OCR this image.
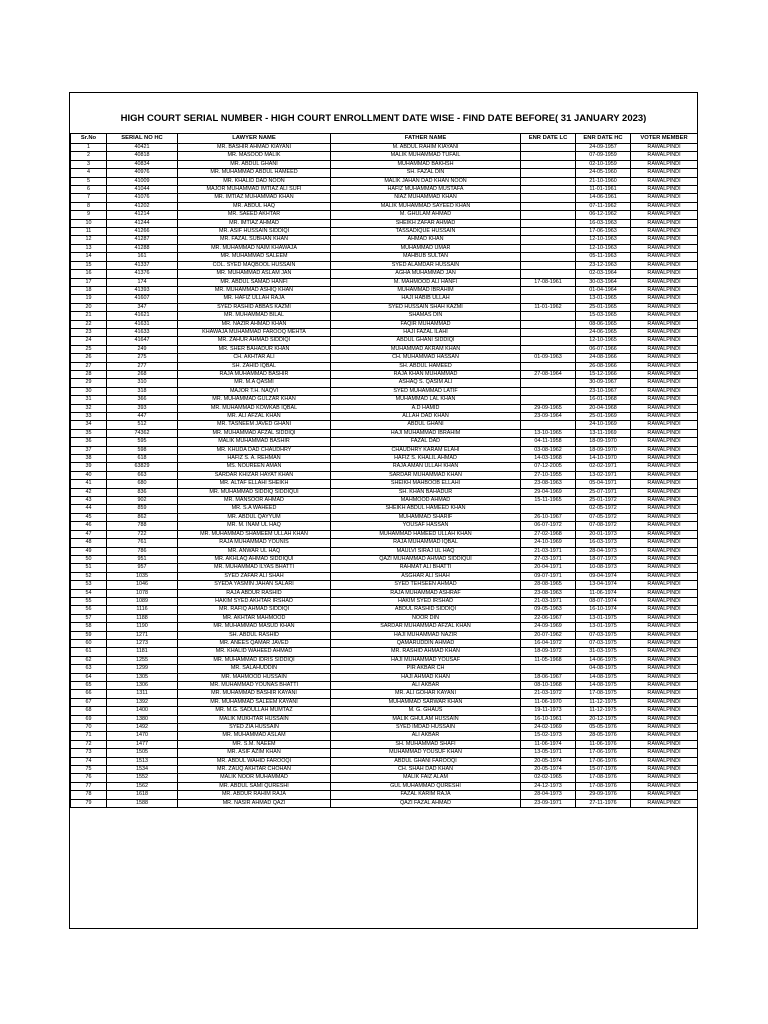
HIGH COURT SERIAL NUMBER - HIGH COURT ENROLLMENT DATE WISE - FIND DATE BEFORE( 31 JANUARY 2023)
Sr.No	SERIAL NO HC	LAWYER NAME	FATHER NAME	ENR DATE LC	ENR DATE HC	VOTER MEMBER
1	40421	MR. BASHIR AHMAD KIAYANI	M. ABDUL RAHIM KIAYANI		24-09-1957	RAWALPINDI
2	40818	MR. MASOOD MALIK	MALIK MUHAMMAD TUFAIL		07-09-1959	RAWALPINDI
3	40834	MR. ABDUL GHANI	MUHAMMAD BAKHSH		02-10-1959	RAWALPINDI
4	40976	MR. MUHAMMAD ABDUL HAMEED	SH. FAZAL DIN		24-05-1960	RAWALPINDI
5	41009	MR. KHALID DAD NOON	MALIK JAHAN DAD KHAN NOON		21-10-1960	RAWALPINDI
6	41044	MAJOR MUHAMMAD IMTIAZ ALI SUFI	HAFIZ MUHAMMAD MUSTAFA		11-01-1961	RAWALPINDI
7	41076	MR. IMTIAZ MUHAMMAD KHAN	NIAZ MUHAMMAD KHAN		14-06-1961	RAWALPINDI
8	41202	MR. ABDUL HAQ	MALIK MUHAMMAD SAYEED KHAN		07-11-1962	RAWALPINDI
9	41214	MR. SAEED AKHTAR	M. GHULAM AHMAD		06-12-1962	RAWALPINDI
10	41244	MR. IMTIAZ AHMAD	SHEIKH ZAFAR AHMAD		16-03-1963	RAWALPINDI
11	41266	MR. ASIF HUSSAIN SIDDIQI	TASSADIQUE HUSSAIN		17-06-1963	RAWALPINDI
12	41287	MR. FAZAL SUBHAN KHAN	AHMAD KHAN		12-10-1963	RAWALPINDI
13	41288	MR. MUHAMMAD NAIM KHAWAJA	MUHAMMAD UMAR		12-10-1963	RAWALPINDI
14	161	MR. MUHAMMAD SALEEM	MAHBUB SULTAN		05-11-1963	RAWALPINDI
15	41337	COL. SYED MAQBOOL HUSSAIN	SYED ALAMDAR HUSSAIN		23-12-1963	RAWALPINDI
16	41376	MR. MUHAMMAD ASLAM JAN	AGHA MUHAMMAD JAN		02-03-1964	RAWALPINDI
17	174	MR. ABDUL SAMAD HANFI	M. MAHMOOD ALI HANFI	17-08-1961	30-03-1964	RAWALPINDI
18	41393	MR. MUHAMMAD ASHIQ KHAN	MUHAMMAD IBRAHIM		01-04-1964	RAWALPINDI
19	41607	MR. HAFIZ ULLAH RAJA	HAJI HABIB ULLAH		13-01-1965	RAWALPINDI
20	347	SYED RASHID ABBAS KAZMI	SYED HUSSAIN SHAH KAZMI	11-01-1962	25-01-1965	RAWALPINDI
21	41621	MR. MUHAMMAD BILAL	SHAMAS DIN		15-03-1965	RAWALPINDI
22	41631	MR. NAZIR AHMAD KHAN	FAQIR MUHAMMAD		08-06-1965	RAWALPINDI
23	41633	KHAWAJA MUHAMMAD FAROOQ MEHTA	HAJI FAZAL ILAHI		24-06-1965	RAWALPINDI
24	41647	MR. ZAHUR AHMAD SIDDIQI	ABDUL GHANI SIDDIQI		12-10-1965	RAWALPINDI
25	249	MR. SHER BAHADUR KHAN	MUHAMMAD AKRAM KHAN		06-07-1966	RAWALPINDI
26	275	CH. AKHTAR ALI	CH. MUHAMMAD HASSAN	01-09-1963	24-08-1966	RAWALPINDI
27	277	SH. ZAHID IQBAL	SH. ABDUL HAMEED		26-08-1966	RAWALPINDI
28	268	RAJA MUHAMMAD BASHIR	RAJA KHAN MUHAMMAD	27-08-1964	15-12-1966	RAWALPINDI
29	310	MR. M.A QASMI	ASHAQ S. QASIM ALI		30-09-1967	RAWALPINDI
30	318	MAJOR T.H. NAQVI	SYED MUHAMMAD LATIF		23-10-1967	RAWALPINDI
31	366	MR. MUHAMMAD GULZAR KHAN	MUHAMMAD LAL KHAN		16-01-1968	RAWALPINDI
32	393	MR. MUHAMMAD KOWKAB IQBAL	A.D HAMID	29-09-1965	20-04-1968	RAWALPINDI
33	447	MR. ALI AFZAL KHAN	ALLAH DAD KHAN	23-09-1964	25-01-1969	RAWALPINDI
34	512	MR. TASNEEM JAVED GHANI	ABDUL GHANI		24-10-1969	RAWALPINDI
35	74362	MR. MUHAMMAD AFZAL SIDDIQI	HAJI MUHAMMAD IBRAHIM	13-10-1965	13-11-1969	RAWALPINDI
36	595	MALIK MUHAMMAD BASHIR	FAZAL DAD	04-11-1958	18-09-1970	RAWALPINDI
37	598	MR. KHUDA DAD CHAUDHRY	CHAUDHRY KARAM ELAHI	03-08-1962	18-09-1970	RAWALPINDI
38	618	HAFIZ S. A. REHMAN	HAFIZ S. KHALIL AHMAD	14-03-1968	14-10-1970	RAWALPINDI
39	63829	MS. NOUREEN AMAN	RAJA AMAN ULLAH KHAN	07-12-2005	02-02-1971	RAWALPINDI
40	663	SARDAR KHIZAR HAYAT KHAN	SARDAR MUHAMMAD KHAN	27-10-1955	13-02-1971	RAWALPINDI
41	680	MR. ALTAF ELLAHI SHEIKH	SHEIKH MAHBOOB ELLAHI	23-08-1963	05-04-1971	RAWALPINDI
42	836	MR. MUHAMMAD SIDDIQ SIDDIQUI	SH. KHAN BAHADUR	29-04-1969	25-07-1971	RAWALPINDI
43	902	MR. MANSOOR AHMAD	MAHMOOD AHMAD	15-11-1965	25-01-1972	RAWALPINDI
44	859	MR. S.A WAHEED	SHEIKH ABDUL HAMEED KHAN		02-05-1972	RAWALPINDI
45	862	MR. ABDUL QAYYUM	MUHAMMAD SHARIF	26-10-1967	07-05-1972	RAWALPINDI
46	788	MR. M. INAM UL HAQ	YOUSAF HASSAN	06-07-1972	07-08-1972	RAWALPINDI
47	722	MR. MUHAMMAD SHAMEEM ULLAH KHAN	MUHAMMAD HAMEED ULLAH KHAN	27-02-1968	20-01-1973	RAWALPINDI
48	761	RAJA MUHAMMAD YOUNIS	RAJA MUHAMMAD IQBAL	24-10-1969	16-03-1973	RAWALPINDI
49	786	MR. ANWAR UL HAQ	MAULVI SIRAJ UL HAQ	21-03-1971	28-04-1973	RAWALPINDI
50	951	MR. AKHLAQ AHMAD SIDDIQUI	QAZI MUHAMMAD AHMAD SIDDIQUI	27-03-1971	18-07-1973	RAWALPINDI
51	957	MR. MUHAMMAD ILYAS BHATTI	RAHMAT ALI BHATTI	20-04-1971	10-08-1973	RAWALPINDI
52	1035	SYED ZAFAR ALI SHAH	ASGHAR ALI SHAH	09-07-1971	09-04-1974	RAWALPINDI
53	1046	SYEDA YASMIN JAHAN SALARI	SYED TEHSEEN AHMAD	28-08-1965	13-04-1974	RAWALPINDI
54	1078	RAJA ABDUR RASHID	RAJA MUHAMMAD ASHRAF	23-08-1963	11-06-1974	RAWALPINDI
55	1089	HAKIM SYED AKHTAR IRSHAD	HAKIM SYED IRSHAD	21-03-1971	08-07-1974	RAWALPINDI
56	1116	MR. RAFIQ AHMAD SIDDIQI	ABDUL RASHID SIDDIQI	09-05-1963	16-10-1974	RAWALPINDI
57	1188	MR. AKHTAR MAHMOOD	NOOR DIN	22-06-1967	13-01-1975	RAWALPINDI
58	1190	MR. MUHAMMAD MASUD KHAN	SARDAR MUHAMMAD AFZAL KHAN	24-09-1969	13-01-1975	RAWALPINDI
59	1271	SH. ABDUL RASHID	HAJI MUHAMMAD NAZIR	20-07-1962	07-03-1975	RAWALPINDI
60	1273	MR. ANEES QAMAR JAVED	QAMARUDDIN AHMAD	16-04-1972	07-03-1975	RAWALPINDI
61	1181	MR. KHALID WAHEED AHMAD	MR. RASHID AHMAD KHAN	18-09-1972	31-03-1975	RAWALPINDI
62	1255	MR. MUHAMMAD IDRIS SIDDIQI	HAJI MUHAMMAD YOUSAF	11-05-1968	14-06-1975	RAWALPINDI
63	1299	MR. SALAHUDDIN	PIR AKBAR CH		04-08-1975	RAWALPINDI
64	1305	MR. MAHMOOD HUSSAIN	HAJI AHMAD KHAN	18-06-1967	14-08-1975	RAWALPINDI
65	1306	MR. MUHAMMAD YOUNAS BHATTI	ALI AKBAR	08-10-1968	14-08-1975	RAWALPINDI
66	1311	MR. MUHAMMAD BASHIR KAYANI	MR. ALI GOHAR KAYANI	21-03-1972	17-08-1975	RAWALPINDI
67	1392	MR. MUHAMMAD SALEEM KAYANI	MUHAMMAD SARWAR KHAN	11-06-1970	11-12-1975	RAWALPINDI
68	1400	MR. M.G. SADULLAH MUMTAZ	M. G. GHAUS	19-11-1973	11-12-1975	RAWALPINDI
69	1380	MALIK MUKHTAR HUSSAIN	MALIK GHULAM HUSSAIN	16-10-1961	20-12-1975	RAWALPINDI
70	1492	SYED ZIA HUSSAIN	SYED IMDAD HUSSAIN	24-02-1969	05-05-1976	RAWALPINDI
71	1470	MR. MUHAMMAD ASLAM	ALI AKBAR	15-02-1973	28-05-1976	RAWALPINDI
72	1477	MR. S.M. NAEEM	SH. MUHAMMAD SHAFI	11-06-1974	11-06-1976	RAWALPINDI
73	1505	MR. ASIF AZIM KHAN	MUHAMMAD YOUSUF KHAN	13-05-1971	17-06-1976	RAWALPINDI
74	1513	MR. ABDUL WAHID FAROOQI	ABDUL GHANI FAROOQI	20-05-1974	17-06-1976	RAWALPINDI
75	1534	MR. ZAUQ AKHTAR CHOHAN	CH. SHAH DAD KHAN	20-05-1974	15-07-1976	RAWALPINDI
76	1552	MALIK NOOR MUHAMMAD	MALIK FAIZ ALAM	02-02-1965	17-08-1976	RAWALPINDI
77	1562	MR. ABDUL SAMI QURESHI	GUL MUHAMMAD QURESHI	24-12-1973	17-08-1976	RAWALPINDI
78	1618	MR. ABDUR RAHIM RAJA	FAZAL KARIM RAJA	28-04-1973	29-09-1976	RAWALPINDI
79	1588	MR. NASIR AHMAD QAZI	QAZI FAZAL AHMAD	23-09-1971	27-11-1976	RAWALPINDI
